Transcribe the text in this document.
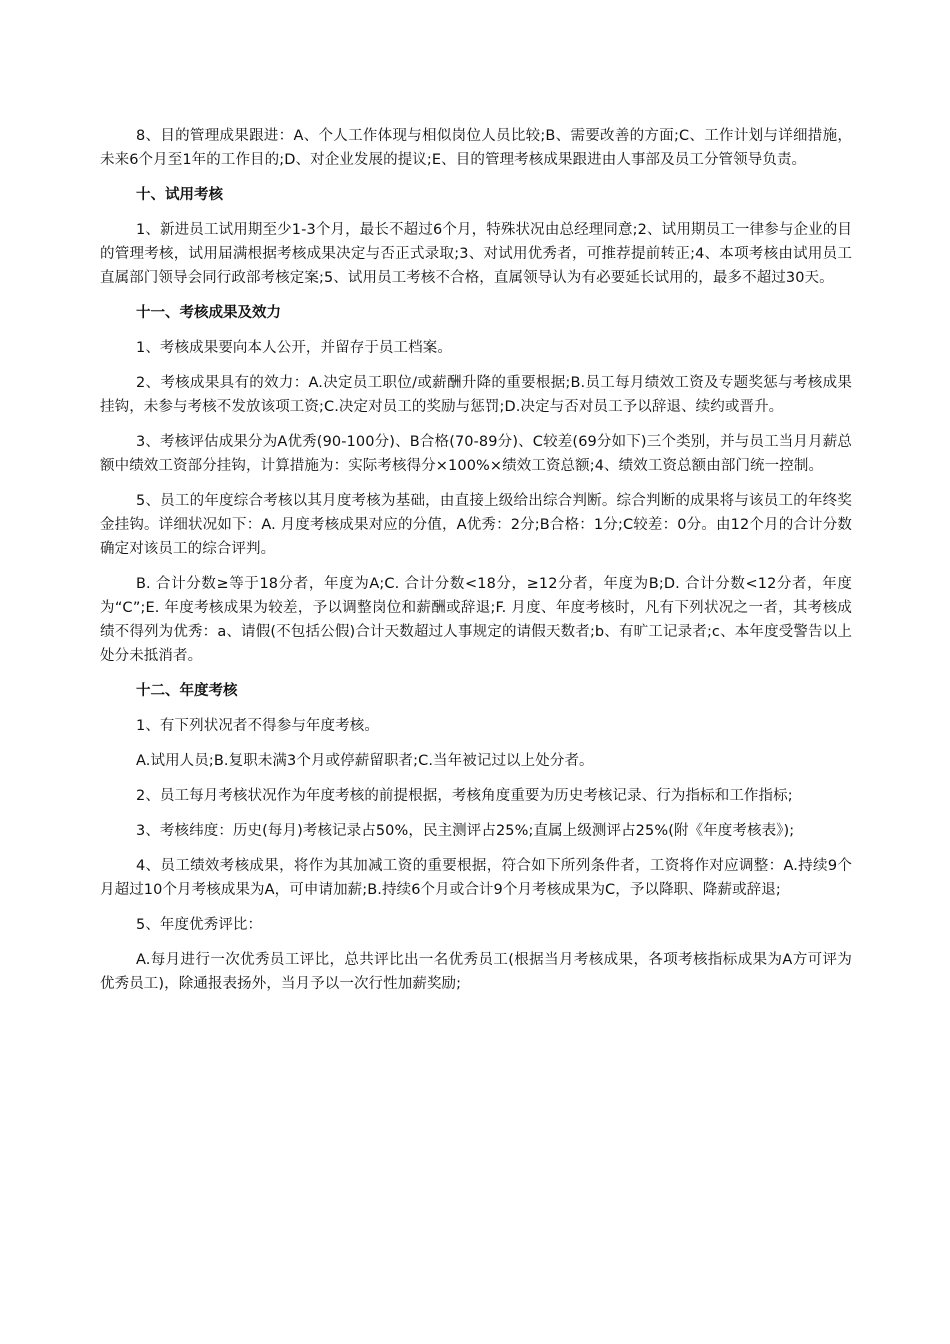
8、目的管理成果跟进：A、个人工作体现与相似岗位人员比较;B、需要改善的方面;C、工作计划与详细措施，未来6个月至1年的工作目的;D、对企业发展的提议;E、目的管理考核成果跟进由人事部及员工分管领导负责。

十、试用考核

1、新进员工试用期至少1-3个月，最长不超过6个月，特殊状况由总经理同意;2、试用期员工一律参与企业的目的管理考核，试用届满根据考核成果决定与否正式录取;3、对试用优秀者，可推荐提前转正;4、本项考核由试用员工直属部门领导会同行政部考核定案;5、试用员工考核不合格，直属领导认为有必要延长试用的，最多不超过30天。

十一、考核成果及效力

1、考核成果要向本人公开，并留存于员工档案。

2、考核成果具有的效力：A.决定员工职位/或薪酬升降的重要根据;B.员工每月绩效工资及专题奖惩与考核成果挂钩，未参与考核不发放该项工资;C.决定对员工的奖励与惩罚;D.决定与否对员工予以辞退、续约或晋升。

3、考核评估成果分为A优秀(90-100分)、B合格(70-89分)、C较差(69分如下)三个类别，并与员工当月月薪总额中绩效工资部分挂钩，计算措施为：实际考核得分×100%×绩效工资总额;4、绩效工资总额由部门统一控制。

5、员工的年度综合考核以其月度考核为基础，由直接上级给出综合判断。综合判断的成果将与该员工的年终奖金挂钩。详细状况如下：A. 月度考核成果对应的分值，A优秀：2分;B合格：1分;C较差：0分。由12个月的合计分数确定对该员工的综合评判。

B. 合计分数≥等于18分者，年度为A;C. 合计分数<18分，≥12分者，年度为B;D. 合计分数<12分者，年度为“C”;E. 年度考核成果为较差，予以调整岗位和薪酬或辞退;F. 月度、年度考核时，凡有下列状况之一者，其考核成绩不得列为优秀：a、请假(不包括公假)合计天数超过人事规定的请假天数者;b、有旷工记录者;c、本年度受警告以上处分未抵消者。

十二、年度考核

1、有下列状况者不得参与年度考核。

A.试用人员;B.复职未满3个月或停薪留职者;C.当年被记过以上处分者。

2、员工每月考核状况作为年度考核的前提根据，考核角度重要为历史考核记录、行为指标和工作指标;

3、考核纬度：历史(每月)考核记录占50%，民主测评占25%;直属上级测评占25%(附《年度考核表》);

4、员工绩效考核成果，将作为其加减工资的重要根据，符合如下所列条件者，工资将作对应调整：A.持续9个月超过10个月考核成果为A，可申请加薪;B.持续6个月或合计9个月考核成果为C，予以降职、降薪或辞退;

5、年度优秀评比：

A.每月进行一次优秀员工评比，总共评比出一名优秀员工(根据当月考核成果，各项考核指标成果为A方可评为优秀员工)，除通报表扬外，当月予以一次行性加薪奖励;
